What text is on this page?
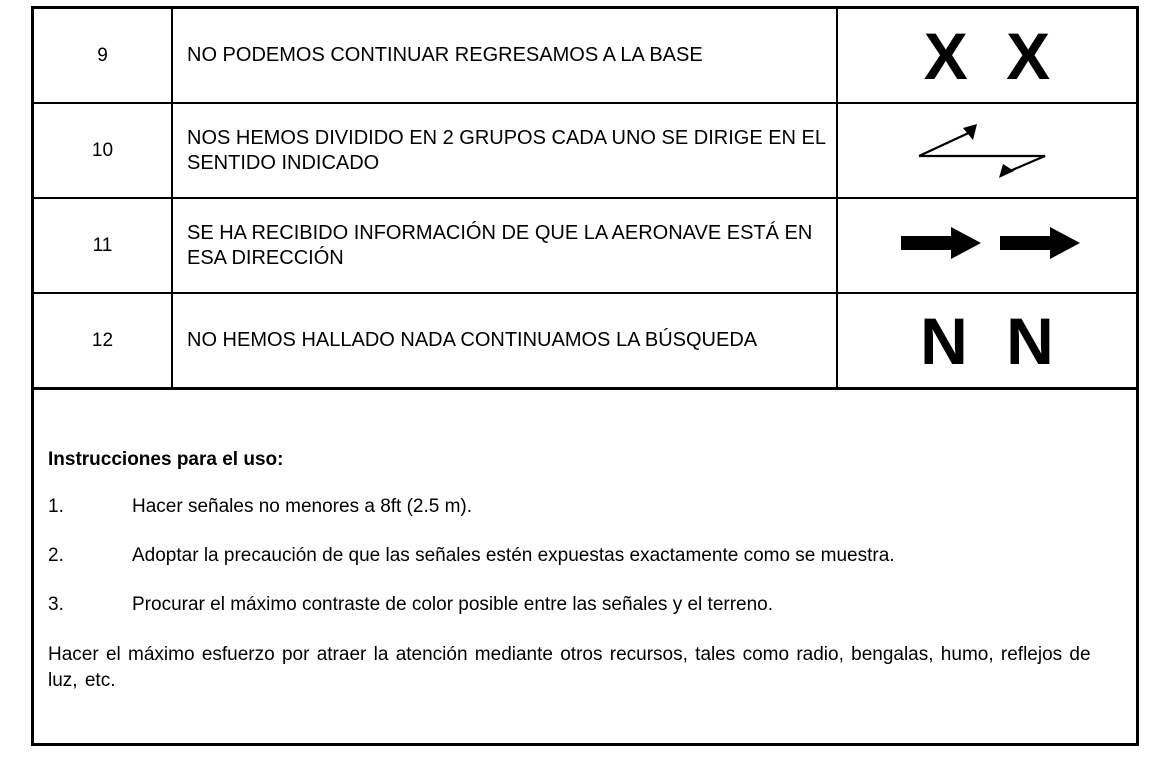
9	NO PODEMOS CONTINUAR REGRESAMOS A LA BASE	X X
10	NOS HEMOS DIVIDIDO EN 2 GRUPOS CADA UNO SE DIRIGE EN EL SENTIDO INDICADO	
11	SE HA RECIBIDO INFORMACIÓN DE QUE LA AERONAVE ESTÁ EN ESA DIRECCIÓN	
12	NO HEMOS HALLADO NADA CONTINUAMOS LA BÚSQUEDA	N N

Instrucciones para el uso:

1.	Hacer señales no menores a 8ft (2.5 m).
2.	Adoptar la precaución de que las señales estén expuestas exactamente como se muestra.
3.	Procurar el máximo contraste de color posible entre las señales y el terreno.
Hacer el máximo esfuerzo por atraer la atención mediante otros recursos, tales como radio, bengalas, humo, reflejos de luz, etc.
